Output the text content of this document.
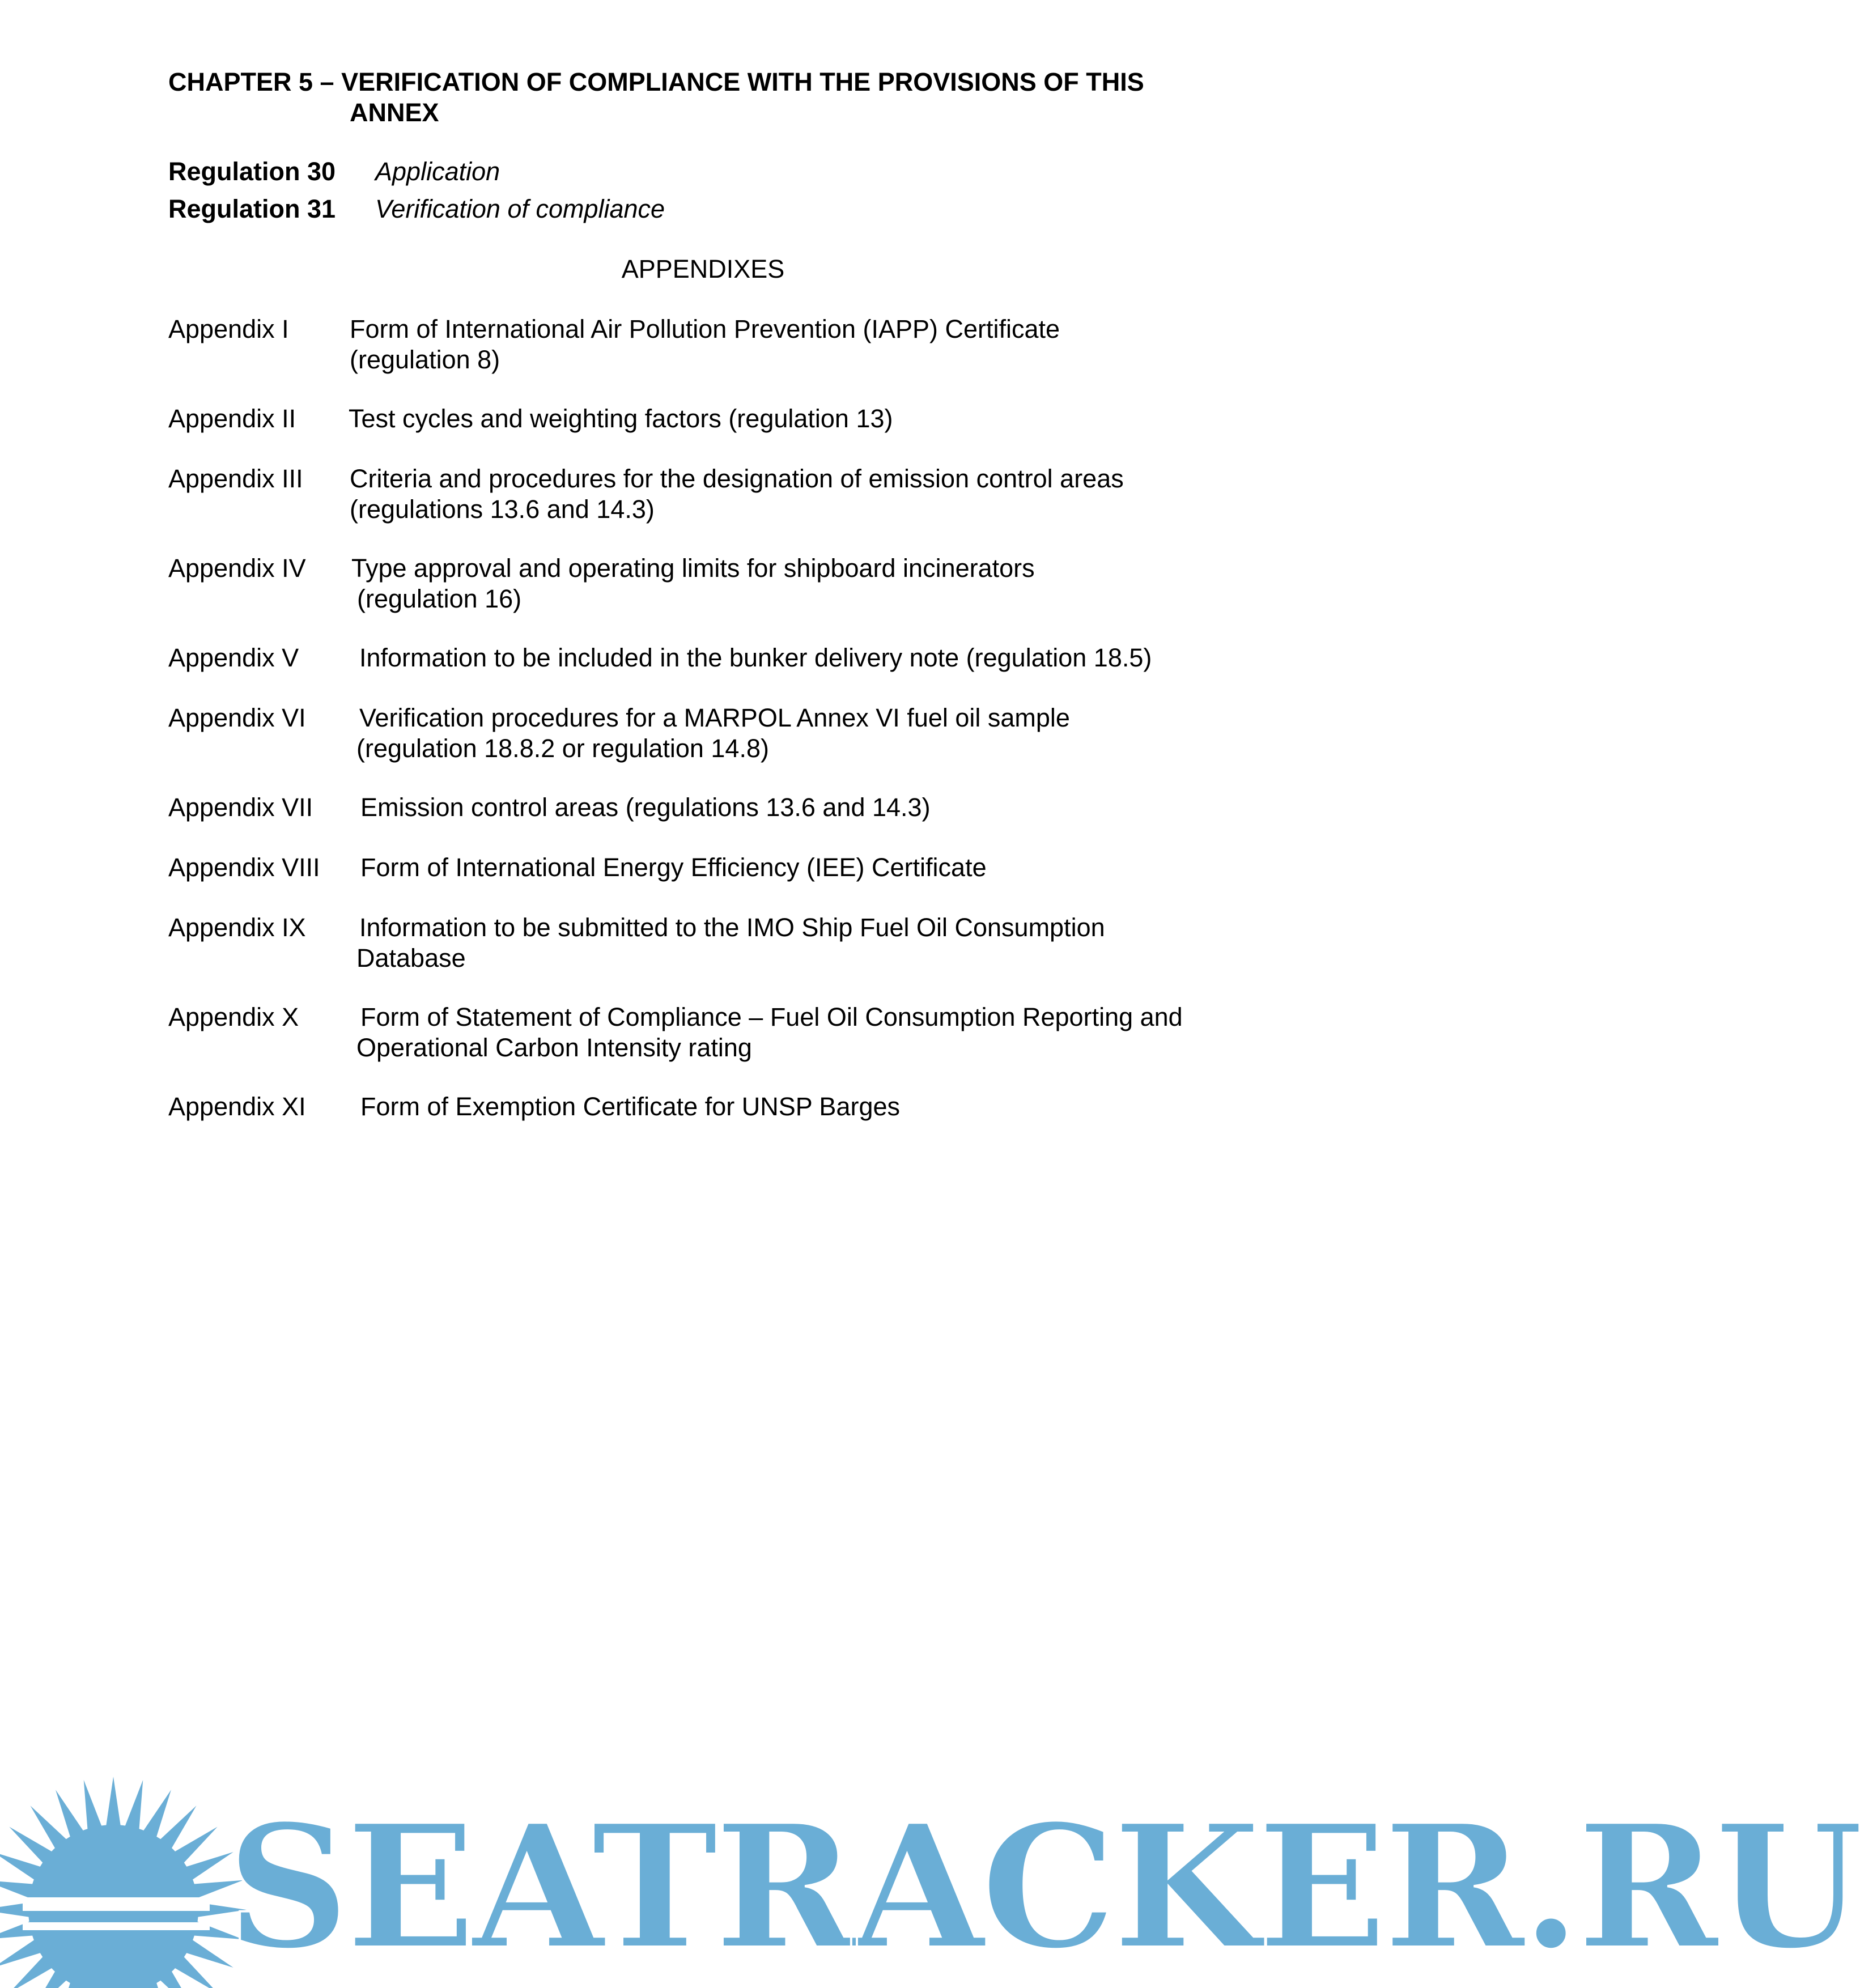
CHAPTER 5 – VERIFICATION OF COMPLIANCE WITH THE PROVISIONS OF THIS
ANNEX
Regulation 30 Application
Regulation 31 Verification of compliance
APPENDIXES
Appendix I Form of International Air Pollution Prevention (IAPP) Certificate
(regulation 8)
Appendix II Test cycles and weighting factors (regulation 13)
Appendix III Criteria and procedures for the designation of emission control areas
(regulations 13.6 and 14.3)
Appendix IV Type approval and operating limits for shipboard incinerators
(regulation 16)
Appendix V Information to be included in the bunker delivery note (regulation 18.5)
Appendix VI Verification procedures for a MARPOL Annex VI fuel oil sample
(regulation 18.8.2 or regulation 14.8)
Appendix VII Emission control areas (regulations 13.6 and 14.3)
Appendix VIII Form of International Energy Efficiency (IEE) Certificate
Appendix IX Information to be submitted to the IMO Ship Fuel Oil Consumption
Database
Appendix X Form of Statement of Compliance – Fuel Oil Consumption Reporting and
Operational Carbon Intensity rating
Appendix XI Form of Exemption Certificate for UNSP Barges
SEATRACKER.RU
